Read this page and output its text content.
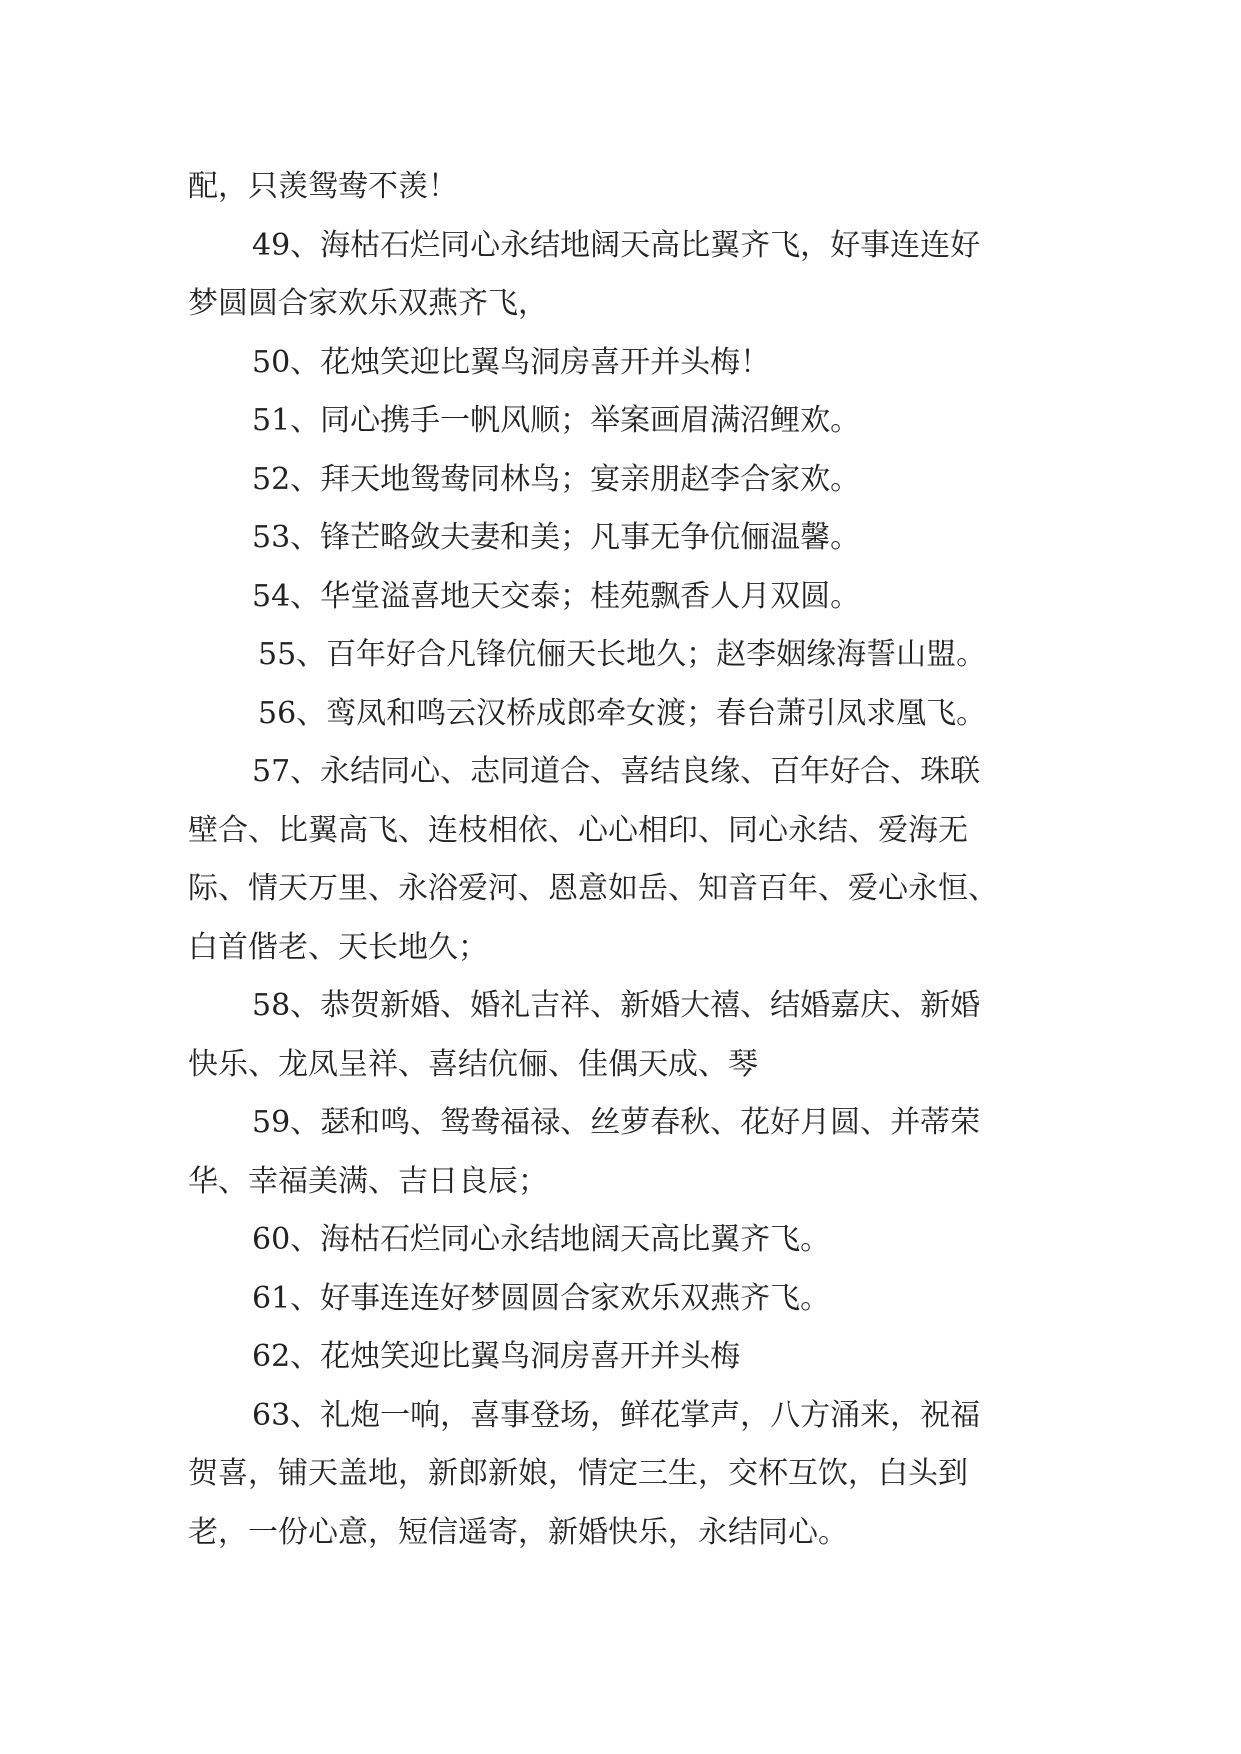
配，只羡鸳鸯不羡！
49、海枯石烂同心永结地阔天高比翼齐飞，好事连连好
梦圆圆合家欢乐双燕齐飞，
50、花烛笑迎比翼鸟洞房喜开并头梅！
51、同心携手一帆风顺；举案画眉满沼鲤欢。
52、拜天地鸳鸯同林鸟；宴亲朋赵李合家欢。
53、锋芒略敛夫妻和美；凡事无争伉俪温馨。
54、华堂溢喜地天交泰；桂苑飘香人月双圆。
55、百年好合凡锋伉俪天长地久；赵李姻缘海誓山盟。
56、鸾凤和鸣云汉桥成郎牵女渡；春台萧引凤求凰飞。
57、永结同心、志同道合、喜结良缘、百年好合、珠联
壁合、比翼高飞、连枝相依、心心相印、同心永结、爱海无
际、情天万里、永浴爱河、恩意如岳、知音百年、爱心永恒、
白首偕老、天长地久；
58、恭贺新婚、婚礼吉祥、新婚大禧、结婚嘉庆、新婚
快乐、龙凤呈祥、喜结伉俪、佳偶天成、琴
59、瑟和鸣、鸳鸯福禄、丝萝春秋、花好月圆、并蒂荣
华、幸福美满、吉日良辰；
60、海枯石烂同心永结地阔天高比翼齐飞。
61、好事连连好梦圆圆合家欢乐双燕齐飞。
62、花烛笑迎比翼鸟洞房喜开并头梅
63、礼炮一响，喜事登场，鲜花掌声，八方涌来，祝福
贺喜，铺天盖地，新郎新娘，情定三生，交杯互饮，白头到
老，一份心意，短信遥寄，新婚快乐，永结同心。
